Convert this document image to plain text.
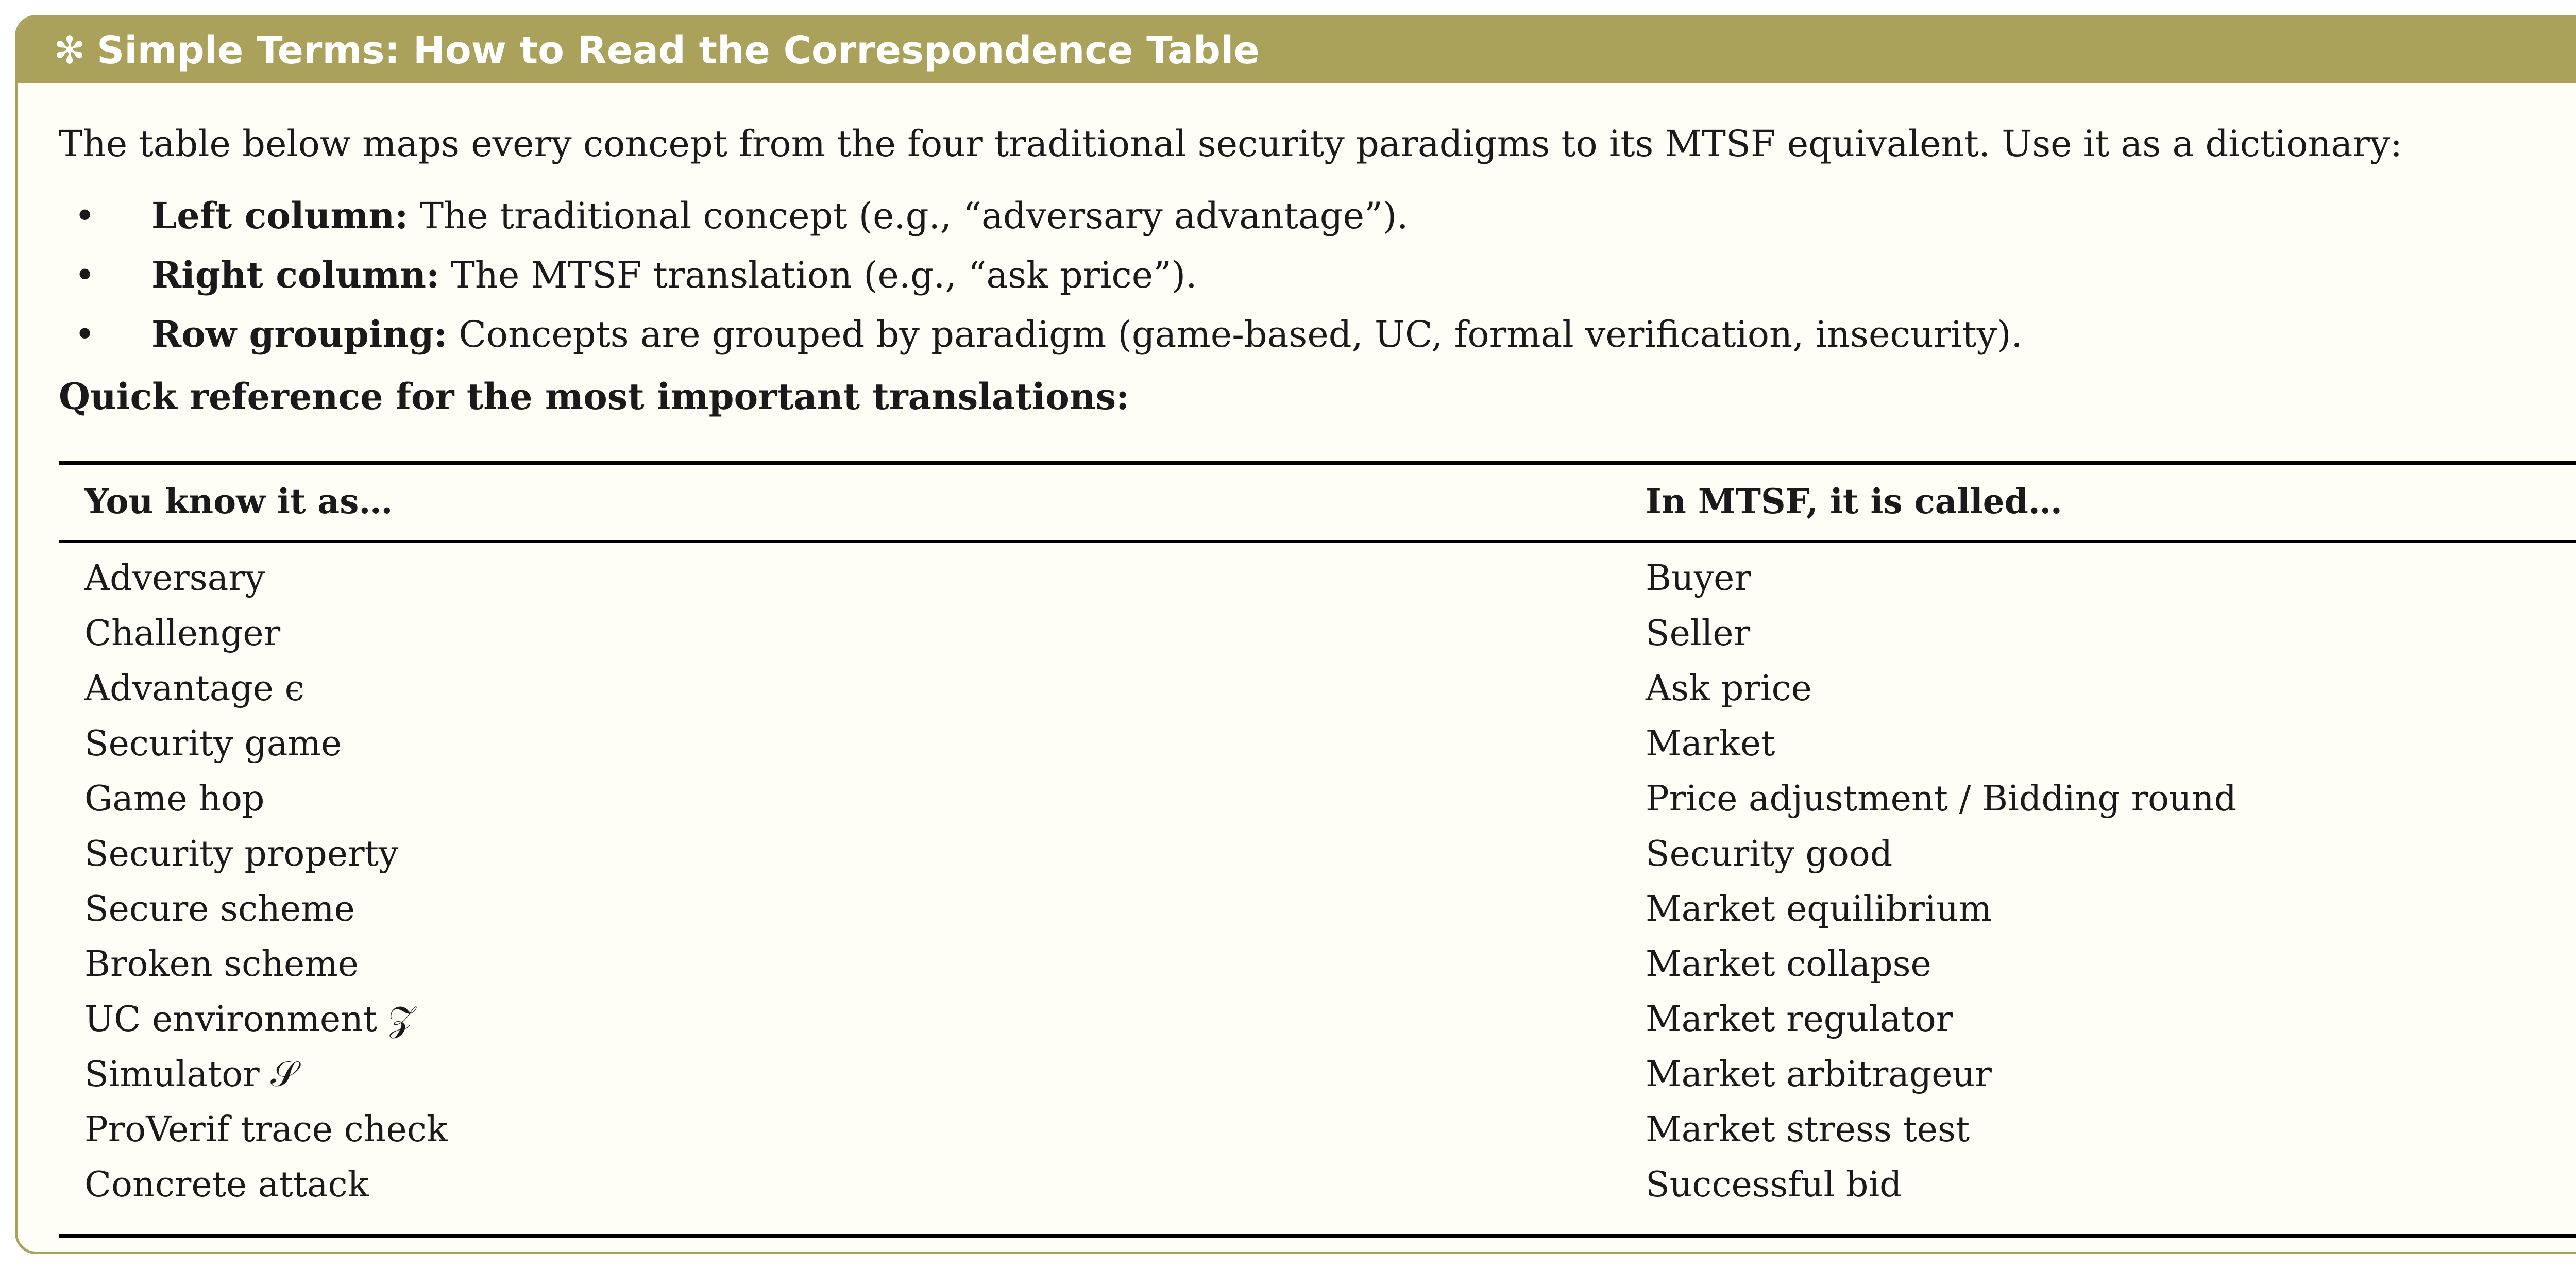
✻ Simple Terms: How to Read the Correspondence Table
The table below maps every concept from the four traditional security paradigms to its MTSF equivalent. Use it as a dictionary:
• Left column: The traditional concept (e.g., “adversary advantage”).
• Right column: The MTSF translation (e.g., “ask price”).
• Row grouping: Concepts are grouped by paradigm (game-based, UC, formal verification, insecurity).
Quick reference for the most important translations:
You know it as…	In MTSF, it is called…
Adversary	Buyer
Challenger	Seller
Advantage ϵ	Ask price
Security game	Market
Game hop	Price adjustment / Bidding round
Security property	Security good
Secure scheme	Market equilibrium
Broken scheme	Market collapse
UC environment 𝒵	Market regulator
Simulator 𝒮	Market arbitrageur
ProVerif trace check	Market stress test
Concrete attack	Successful bid
